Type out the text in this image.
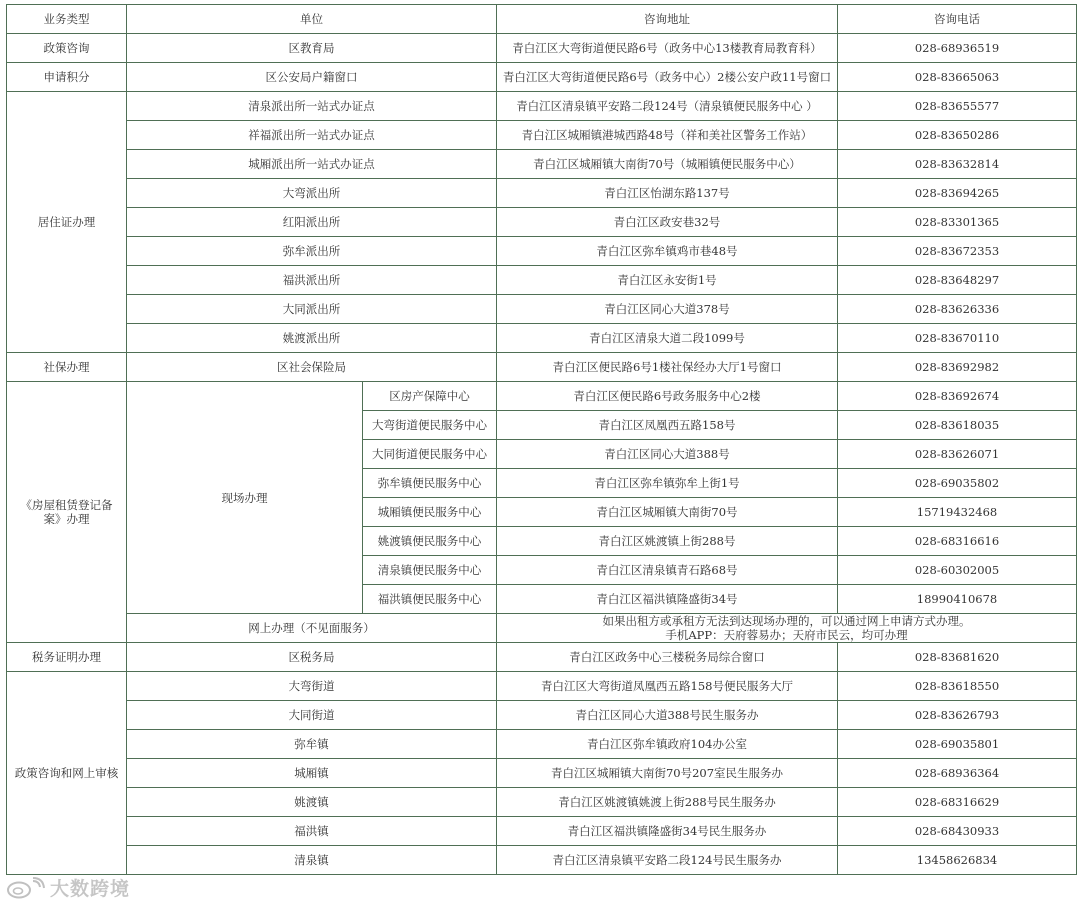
业务类型	单位		咨询地址	咨询电话
政策咨询	区教育局		青白江区大弯街道便民路6号（政务中心13楼教育局教育科）	028-68936519
申请积分	区公安局户籍窗口		青白江区大弯街道便民路6号（政务中心）2楼公安户政11号窗口	028-83665063
居住证办理	清泉派出所一站式办证点		青白江区清泉镇平安路二段124号（清泉镇便民服务中心 ）	028-83655577
	祥福派出所一站式办证点		青白江区城厢镇港城西路48号（祥和美社区警务工作站）	028-83650286
	城厢派出所一站式办证点		青白江区城厢镇大南街70号（城厢镇便民服务中心）	028-83632814
	大弯派出所		青白江区怡湖东路137号	028-83694265
	红阳派出所		青白江区政安巷32号	028-83301365
	弥牟派出所		青白江区弥牟镇鸡市巷48号	028-83672353
	福洪派出所		青白江区永安街1号	028-83648297
	大同派出所		青白江区同心大道378号	028-83626336
	姚渡派出所		青白江区清泉大道二段1099号	028-83670110
社保办理	区社会保险局		青白江区便民路6号1楼社保经办大厅1号窗口	028-83692982
《房屋租赁登记备案》办理	现场办理	区房产保障中心	青白江区便民路6号政务服务中心2楼	028-83692674
		大弯街道便民服务中心	青白江区凤凰西五路158号	028-83618035
		大同街道便民服务中心	青白江区同心大道388号	028-83626071
		弥牟镇便民服务中心	青白江区弥牟镇弥牟上街1号	028-69035802
		城厢镇便民服务中心	青白江区城厢镇大南街70号	15719432468
		姚渡镇便民服务中心	青白江区姚渡镇上街288号	028-68316616
		清泉镇便民服务中心	青白江区清泉镇青石路68号	028-60302005
		福洪镇便民服务中心	青白江区福洪镇隆盛街34号	18990410678
	网上办理（不见面服务）		如果出租方或承租方无法到达现场办理的，可以通过网上申请方式办理。
手机APP：天府蓉易办；天府市民云，均可办理	

税务证明办理	区税务局		青白江区政务中心三楼税务局综合窗口	028-83681620
政策咨询和网上审核	大弯街道		青白江区大弯街道凤凰西五路158号便民服务大厅	028-83618550
	大同街道		青白江区同心大道388号民生服务办	028-83626793
	弥牟镇		青白江区弥牟镇政府104办公室	028-69035801
	城厢镇		青白江区城厢镇大南街70号207室民生服务办	028-68936364
	姚渡镇		青白江区姚渡镇姚渡上街288号民生服务办	028-68316629
	福洪镇		青白江区福洪镇隆盛街34号民生服务办	028-68430933
	清泉镇		青白江区清泉镇平安路二段124号民生服务办	13458626834
大数跨境
